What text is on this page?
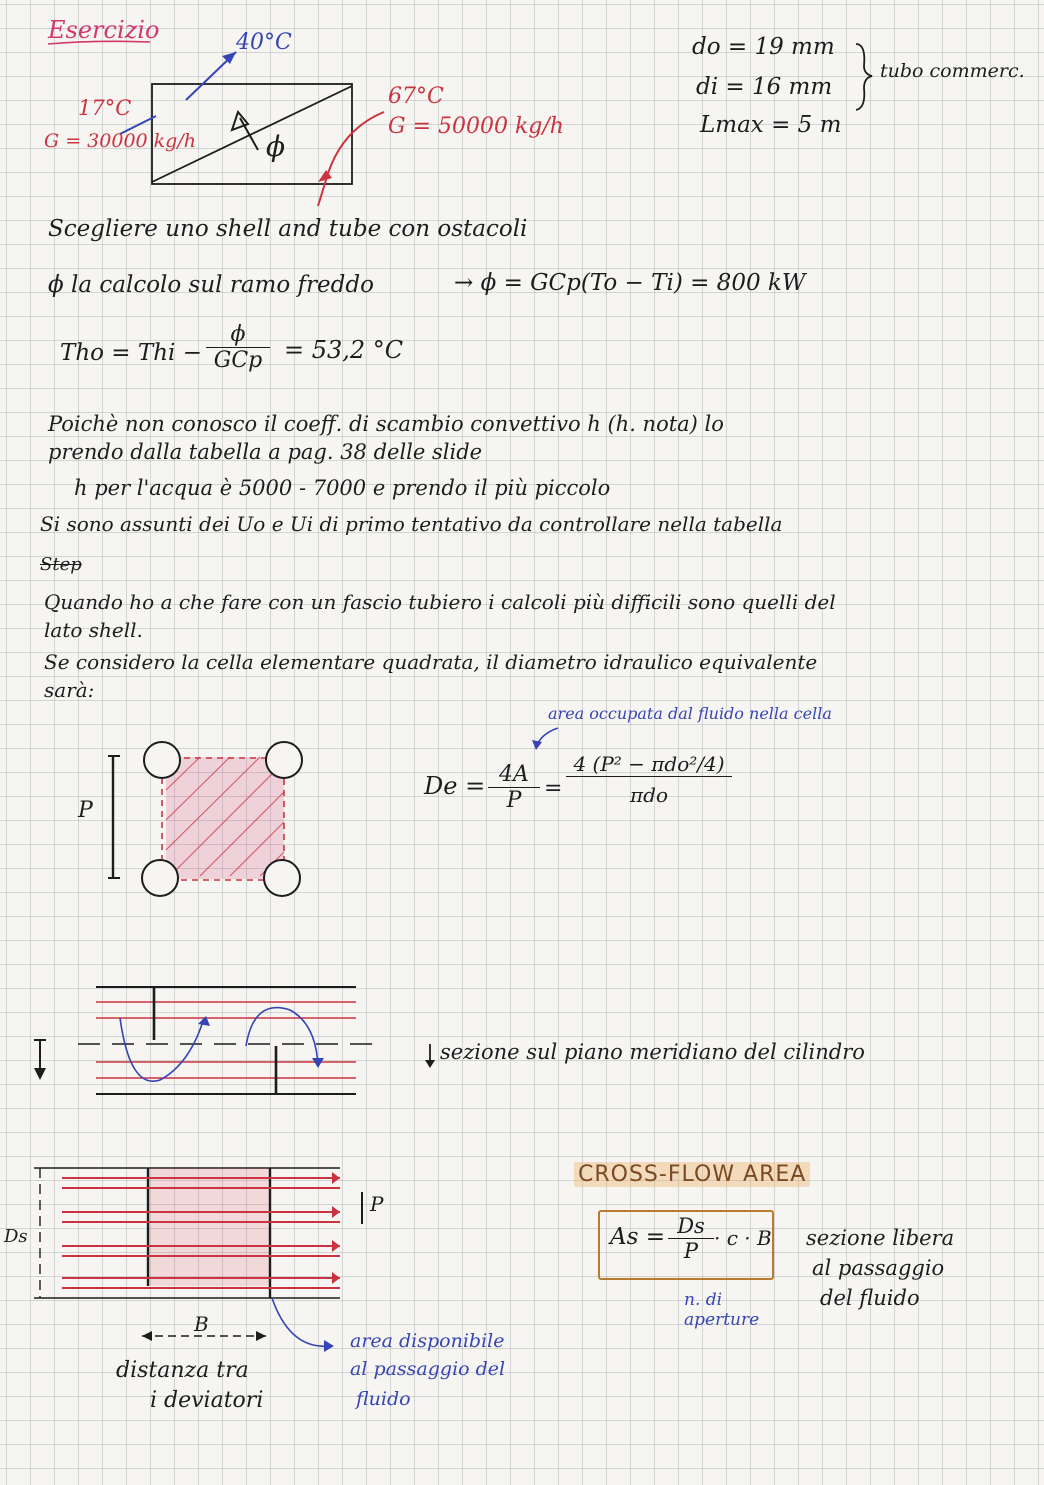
Esercizio	40°C
17°C
G = 30000 kg/h
67°C
G = 50000 kg/h
ϕ
do = 19 mm
di = 16 mm
Lmax = 5 m
tubo commerc.
Scegliere uno shell and tube con ostacoli
ϕ la calcolo sul ramo freddo	→ ϕ = GCp(To − Ti) = 800 kW
Tho = Thi −
ϕ
GCp = 53,2 °C
Poichè non conosco il coeff. di scambio convettivo h (h. nota) lo
prendo dalla tabella a pag. 38 delle slide
h per l'acqua è 5000 - 7000 e prendo il più piccolo
Si sono assunti dei Uo e Ui di primo tentativo da controllare nella tabella
Step
Quando ho a che fare con un fascio tubiero i calcoli più difficili sono quelli del
lato shell.
Se considero la cella elementare quadrata, il diametro idraulico equivalente
sarà:
P
area occupata dal fluido nella cella
$De = \frac{4A}{P}$ =
4 (P² − πdo²/4)
πdo
sezione sul piano meridiano del cilindro
CROSS-FLOW AREA
$As = \frac{Ds}{P} \cdot c \cdot B$
n. di aperture
sezione libera
al passaggio
del fluido
Ds
P
B
distanza tra
i deviatori
area disponibile
al passaggio del
fluido
